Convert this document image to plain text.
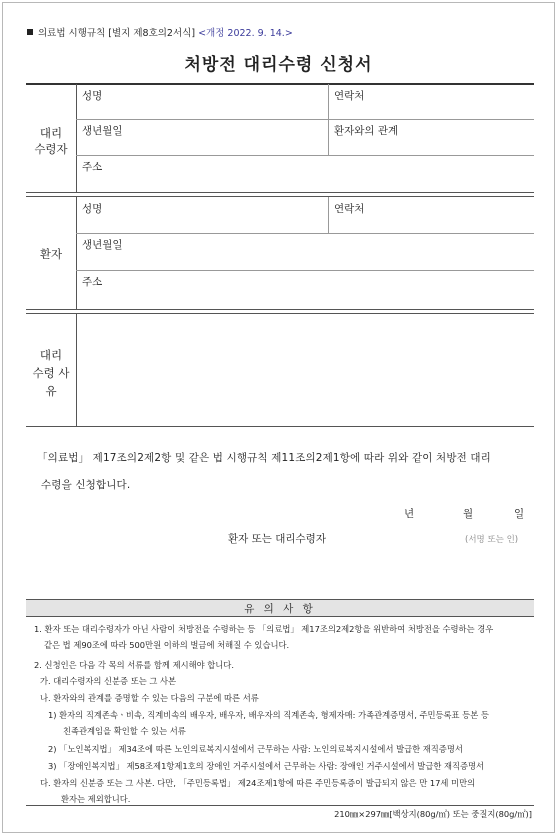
의료법 시행규칙 [별지 제8호의2서식] <개정 2022. 9. 14.>
처방전 대리수령 신청서
대리
수령자
성명	연락처
생년월일	환자와의 관계
주소
환자
성명	연락처
생년월일
주소
대리
수령 사
유
「의료법」 제17조의2제2항 및 같은 법 시행규칙 제11조의2제1항에 따라 위와 같이 처방전 대리
수령을 신청합니다.
년	월	일
환자 또는 대리수령자	(서명 또는 인)
유 의 사 항
1. 환자 또는 대리수령자가 아닌 사람이 처방전을 수령하는 등 「의료법」 제17조의2제2항을 위반하여 처방전을 수령하는 경우
같은 법 제90조에 따라 500만원 이하의 벌금에 처해질 수 있습니다.
2. 신청인은 다음 각 목의 서류를 함께 제시해야 합니다.
가. 대리수령자의 신분증 또는 그 사본
나. 환자와의 관계를 증명할 수 있는 다음의 구분에 따른 서류
1) 환자의 직계존속ㆍ비속, 직계비속의 배우자, 배우자, 배우자의 직계존속, 형제자매: 가족관계증명서, 주민등록표 등본 등
친족관계임을 확인할 수 있는 서류
2) 「노인복지법」 제34조에 따른 노인의료복지시설에서 근무하는 사람: 노인의료복지시설에서 발급한 재직증명서
3) 「장애인복지법」 제58조제1항제1호의 장애인 거주시설에서 근무하는 사람: 장애인 거주시설에서 발급한 재직증명서
다. 환자의 신분증 또는 그 사본. 다만, 「주민등록법」 제24조제1항에 따른 주민등록증이 발급되지 않은 만 17세 미만의
환자는 제외합니다.
210㎜×297㎜[백상지(80g/㎡) 또는 중질지(80g/㎡)]
